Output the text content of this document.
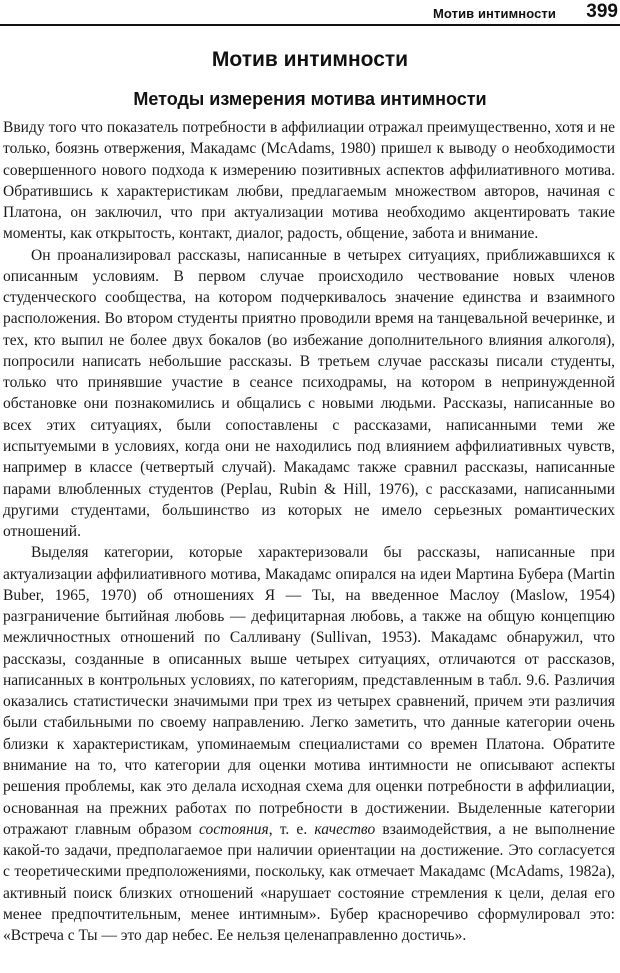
Мотив интимности 399
Мотив интимности
Методы измерения мотива интимности

Ввиду того что показатель потребности в аффилиации отражал преимущественно, хотя и не только, боязнь отвержения, Макадамс (McAdams, 1980) пришел к выводу о необходимости совершенного нового подхода к измерению позитивных аспектов аффилиативного мотива. Обратившись к характеристикам любви, предлагаемым множеством авторов, начиная с Платона, он заключил, что при актуализации мотива необходимо акцентировать такие моменты, как открытость, контакт, диалог, радость, общение, забота и внимание.

Он проанализировал рассказы, написанные в четырех ситуациях, приближавшихся к описанным условиям. В первом случае происходило чествование новых членов студенческого сообщества, на котором подчеркивалось значение единства и взаимного расположения. Во втором студенты приятно проводили время на танцевальной вечеринке, и тех, кто выпил не более двух бокалов (во избежание дополнительного влияния алкоголя), попросили написать небольшие рассказы. В третьем случае рассказы писали студенты, только что принявшие участие в сеансе психодрамы, на котором в непринужденной обстановке они познакомились и общались с новыми людьми. Рассказы, написанные во всех этих ситуациях, были сопоставлены с рассказами, написанными теми же испытуемыми в условиях, когда они не находились под влиянием аффилиативных чувств, например в классе (четвертый случай). Макадамс также сравнил рассказы, написанные парами влюбленных студентов (Peplau, Rubin & Hill, 1976), с рассказами, написанными другими студентами, большинство из которых не имело серьезных романтических отношений.

Выделяя категории, которые характеризовали бы рассказы, написанные при актуализации аффилиативного мотива, Макадамс опирался на идеи Мартина Бубера (Martin Buber, 1965, 1970) об отношениях Я — Ты, на введенное Маслоу (Maslow, 1954) разграничение бытийная любовь — дефицитарная любовь, а также на общую концепцию межличностных отношений по Салливану (Sullivan, 1953). Макадамс обнаружил, что рассказы, созданные в описанных выше четырех ситуациях, отличаются от рассказов, написанных в контрольных условиях, по категориям, представленным в табл. 9.6. Различия оказались статистически значимыми при трех из четырех сравнений, причем эти различия были стабильными по своему направлению. Легко заметить, что данные категории очень близки к характеристикам, упоминаемым специалистами со времен Платона. Обратите внимание на то, что категории для оценки мотива интимности не описывают аспекты решения проблемы, как это делала исходная схема для оценки потребности в аффилиации, основанная на прежних работах по потребности в достижении. Выделенные категории отражают главным образом состояния, т. е. качество взаимодействия, а не выполнение какой-то задачи, предполагаемое при наличии ориентации на достижение. Это согласуется с теоретическими предположениями, поскольку, как отмечает Макадамс (McAdams, 1982a), активный поиск близких отношений «нарушает состояние стремления к цели, делая его менее предпочтительным, менее интимным». Бубер красноречиво сформулировал это: «Встреча с Ты — это дар небес. Ее нельзя целенаправленно достичь».
